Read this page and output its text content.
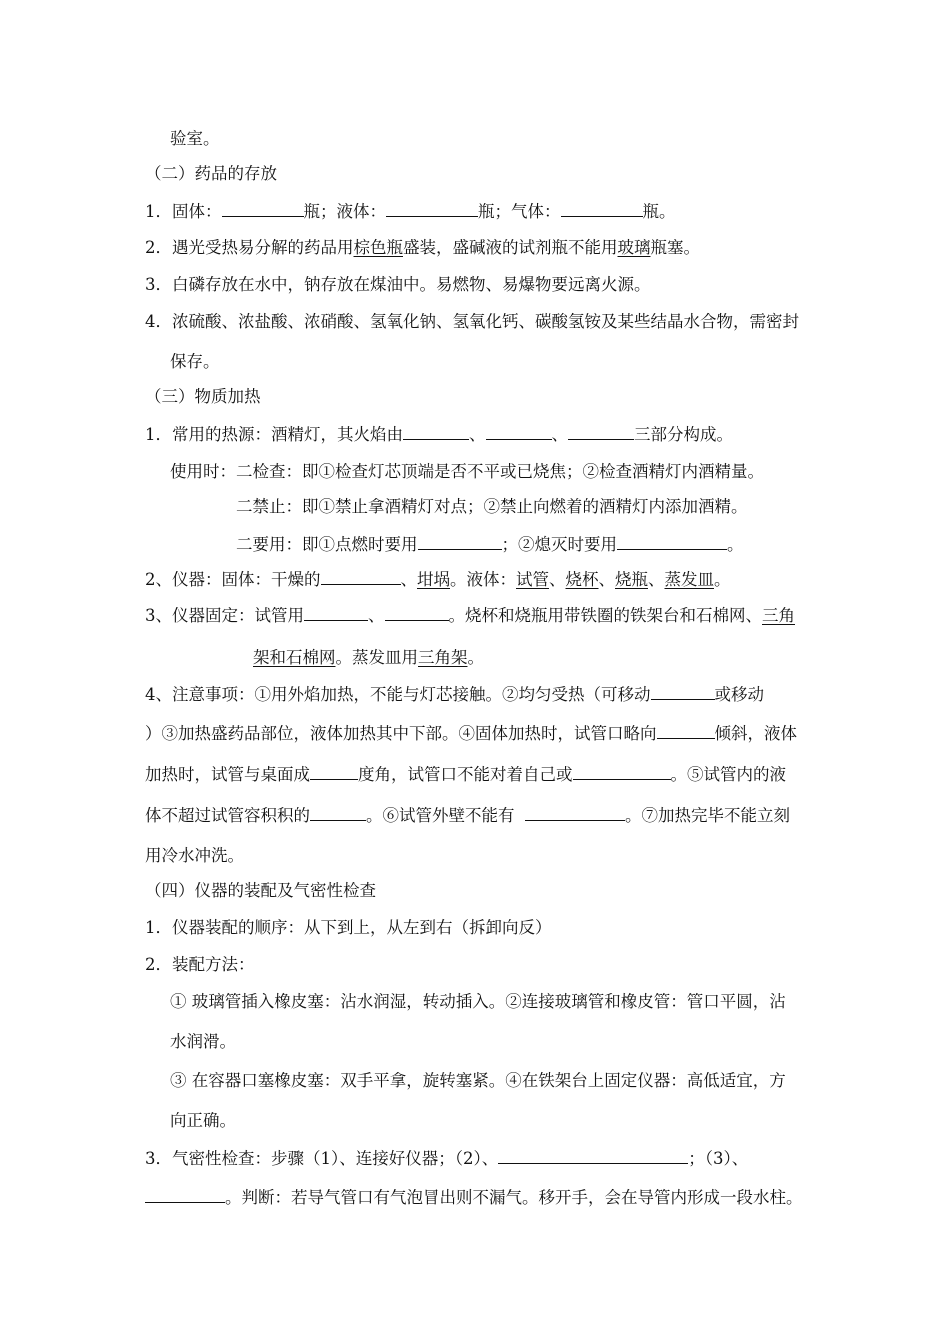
验室。
（二）药品的存放
1．固体：	瓶；液体：	瓶；气体：	瓶。
2．遇光受热易分解的药品用棕色瓶盛装，盛碱液的试剂瓶不能用玻璃瓶塞。
3．白磷存放在水中，钠存放在煤油中。易燃物、易爆物要远离火源。
4．浓硫酸、浓盐酸、浓硝酸、氢氧化钠、氢氧化钙、碳酸氢铵及某些结晶水合物，需密封
保存。
（三）物质加热
1．常用的热源：酒精灯，其火焰由	、	、	三部分构成。
使用时：二检查：即①检查灯芯顶端是否不平或已烧焦；②检查酒精灯内酒精量。
二禁止：即①禁止拿酒精灯对点；②禁止向燃着的酒精灯内添加酒精。
二要用：即①点燃时要用	；②熄灭时要用	。
2、仪器：固体：干燥的	、坩埚。液体：试管、烧杯、烧瓶、蒸发皿。
3、仪器固定：试管用	、	。烧杯和烧瓶用带铁圈的铁架台和石棉网、三角
架和石棉网。蒸发皿用三角架。
4、注意事项：①用外焰加热，不能与灯芯接触。②均匀受热（可移动	或移动
）③加热盛药品部位，液体加热其中下部。④固体加热时，试管口略向	倾斜，液体
加热时，试管与桌面成	度角，试管口不能对着自己或	。⑤试管内的液
体不超过试管容积积的	。⑥试管外壁不能有	。⑦加热完毕不能立刻
用冷水冲洗。
（四）仪器的装配及气密性检查
1．仪器装配的顺序：从下到上，从左到右（拆卸向反）
2．装配方法：
① 玻璃管插入橡皮塞：沾水润湿，转动插入。②连接玻璃管和橡皮管：管口平圆，沾
水润滑。
③ 在容器口塞橡皮塞：双手平拿，旋转塞紧。④在铁架台上固定仪器：高低适宜，方
向正确。
3．气密性检查：步骤（1）、连接好仪器；（2）、	；（3）、
。判断：若导气管口有气泡冒出则不漏气。移开手，会在导管内形成一段水柱。
